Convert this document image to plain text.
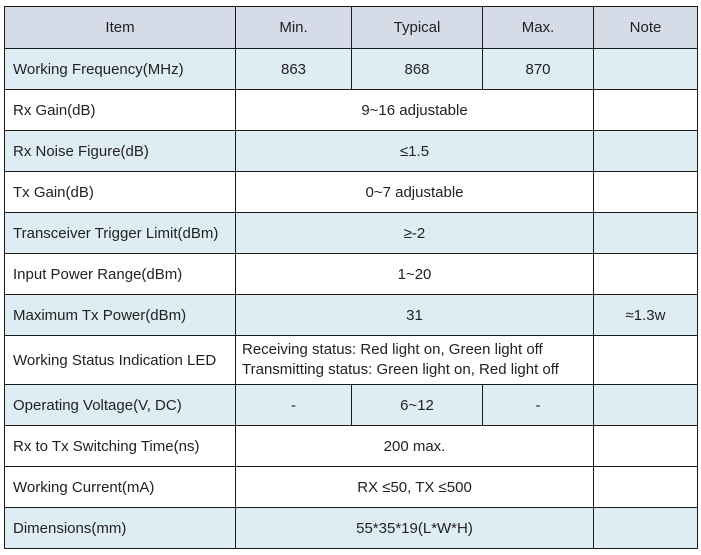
Item	Min.	Typical	Max.	Note
Working Frequency(MHz)	863	868	870	
Rx Gain(dB)	9~16 adjustable			
Rx Noise Figure(dB)	≤1.5			
Tx Gain(dB)	0~7 adjustable			
Transceiver Trigger Limit(dBm)	≥-2			
Input Power Range(dBm)	1~20			
Maximum Tx Power(dBm)	31			≈1.3w
Working Status Indication LED	Receiving status: Red light on, Green light off
Transmitting status: Green light on, Red light off			

Operating Voltage(V, DC)	-	6~12	-	
Rx to Tx Switching Time(ns)	200 max.			
Working Current(mA)	RX ≤50, TX ≤500			
Dimensions(mm)	55*35*19(L*W*H)			
